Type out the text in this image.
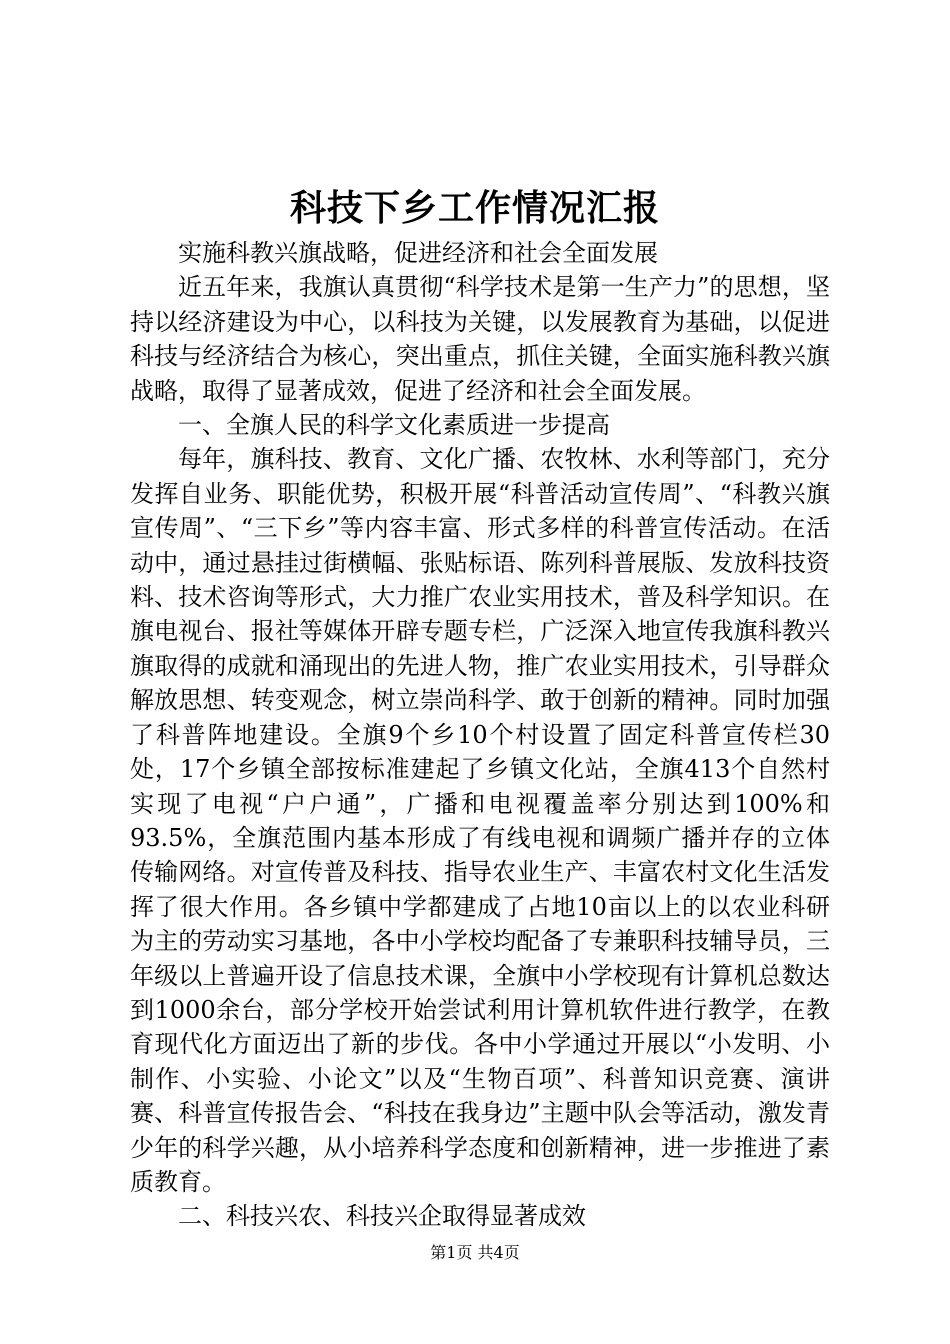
科技下乡工作情况汇报

实施科教兴旗战略，促进经济和社会全面发展

近五年来，我旗认真贯彻“科学技术是第一生产力”的思想，坚持以经济建设为中心，以科技为关键，以发展教育为基础，以促进科技与经济结合为核心，突出重点，抓住关键，全面实施科教兴旗战略，取得了显著成效，促进了经济和社会全面发展。

一、全旗人民的科学文化素质进一步提高

每年，旗科技、教育、文化广播、农牧林、水利等部门，充分发挥自业务、职能优势，积极开展“科普活动宣传周”、“科教兴旗宣传周”、“三下乡”等内容丰富、形式多样的科普宣传活动。在活动中，通过悬挂过街横幅、张贴标语、陈列科普展版、发放科技资料、技术咨询等形式，大力推广农业实用技术，普及科学知识。在旗电视台、报社等媒体开辟专题专栏，广泛深入地宣传我旗科教兴旗取得的成就和涌现出的先进人物，推广农业实用技术，引导群众解放思想、转变观念，树立崇尚科学、敢于创新的精神。同时加强了科普阵地建设。全旗9个乡10个村设置了固定科普宣传栏30处，17个乡镇全部按标准建起了乡镇文化站，全旗413个自然村实现了电视“户户通”，广播和电视覆盖率分别达到100%和93.5%，全旗范围内基本形成了有线电视和调频广播并存的立体传输网络。对宣传普及科技、指导农业生产、丰富农村文化生活发挥了很大作用。各乡镇中学都建成了占地10亩以上的以农业科研为主的劳动实习基地，各中小学校均配备了专兼职科技辅导员，三年级以上普遍开设了信息技术课，全旗中小学校现有计算机总数达到1000余台，部分学校开始尝试利用计算机软件进行教学，在教育现代化方面迈出了新的步伐。各中小学通过开展以“小发明、小制作、小实验、小论文”以及“生物百项”、科普知识竞赛、演讲赛、科普宣传报告会、“科技在我身边”主题中队会等活动，激发青少年的科学兴趣，从小培养科学态度和创新精神，进一步推进了素质教育。

二、科技兴农、科技兴企取得显著成效

第1页 共4页
